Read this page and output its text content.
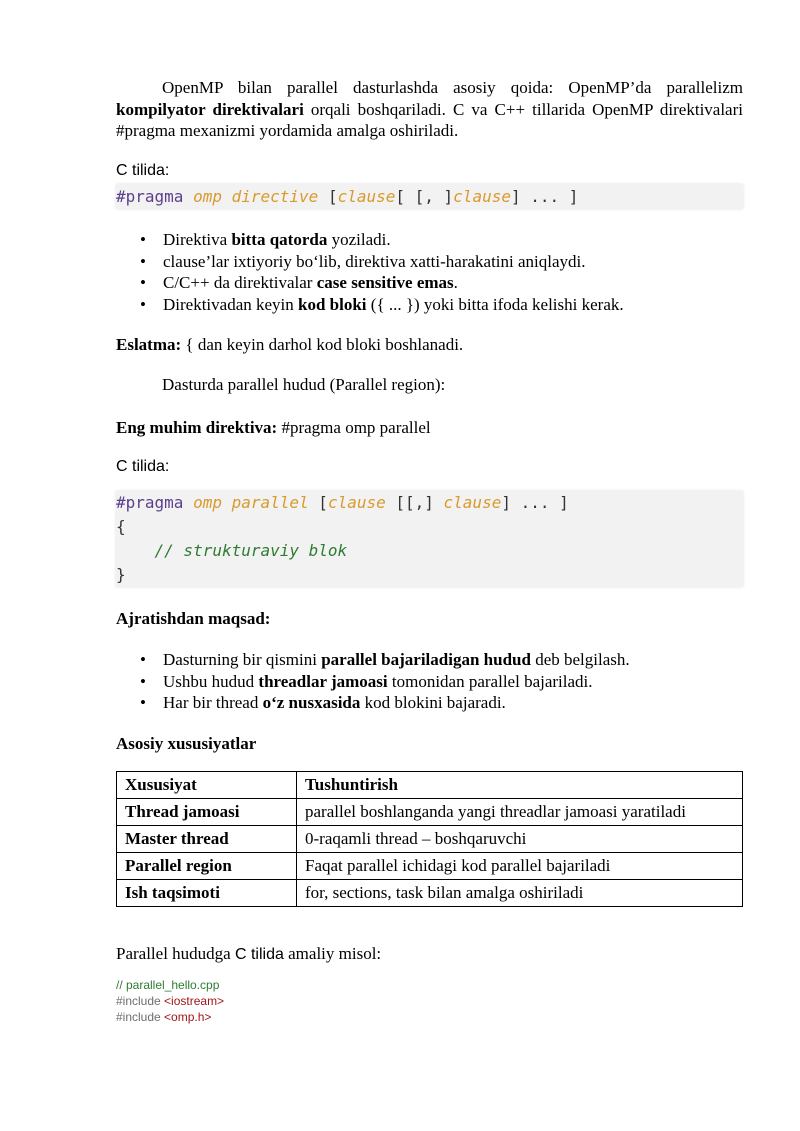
OpenMP bilan parallel dasturlashda asosiy qoida: OpenMP’da parallelizm kompilyator direktivalari orqali boshqariladi. C va C++ tillarida OpenMP direktivalari #pragma mexanizmi yordamida amalga oshiriladi.

C tilida:
#pragma omp directive [clause[ [, ]clause] ... ]
• Direktiva bitta qatorda yoziladi.
• clause’lar ixtiyoriy bo‘lib, direktiva xatti-harakatini aniqlaydi.
• C/C++ da direktivalar case sensitive emas.
• Direktivadan keyin kod bloki ({ ... }) yoki bitta ifoda kelishi kerak.

Eslatma: { dan keyin darhol kod bloki boshlanadi.

Dasturda parallel hudud (Parallel region):

Eng muhim direktiva: #pragma omp parallel

C tilida:
#pragma omp parallel [clause [[,] clause] ... ]
{
// strukturaviy blok
}

Ajratishdan maqsad:

• Dasturning bir qismini parallel bajariladigan hudud deb belgilash.
• Ushbu hudud threadlar jamoasi tomonidan parallel bajariladi.
• Har bir thread o‘z nusxasida kod blokini bajaradi.

Asosiy xususiyatlar

Xususiyat	Tushuntirish
Thread jamoasi	parallel boshlanganda yangi threadlar jamoasi yaratiladi
Master thread	0-raqamli thread – boshqaruvchi
Parallel region	Faqat parallel ichidagi kod parallel bajariladi
Ish taqsimoti	for, sections, task bilan amalga oshiriladi

Parallel hududga C tilida amaliy misol:

// parallel_hello.cpp
#include <iostream>
#include <omp.h>
